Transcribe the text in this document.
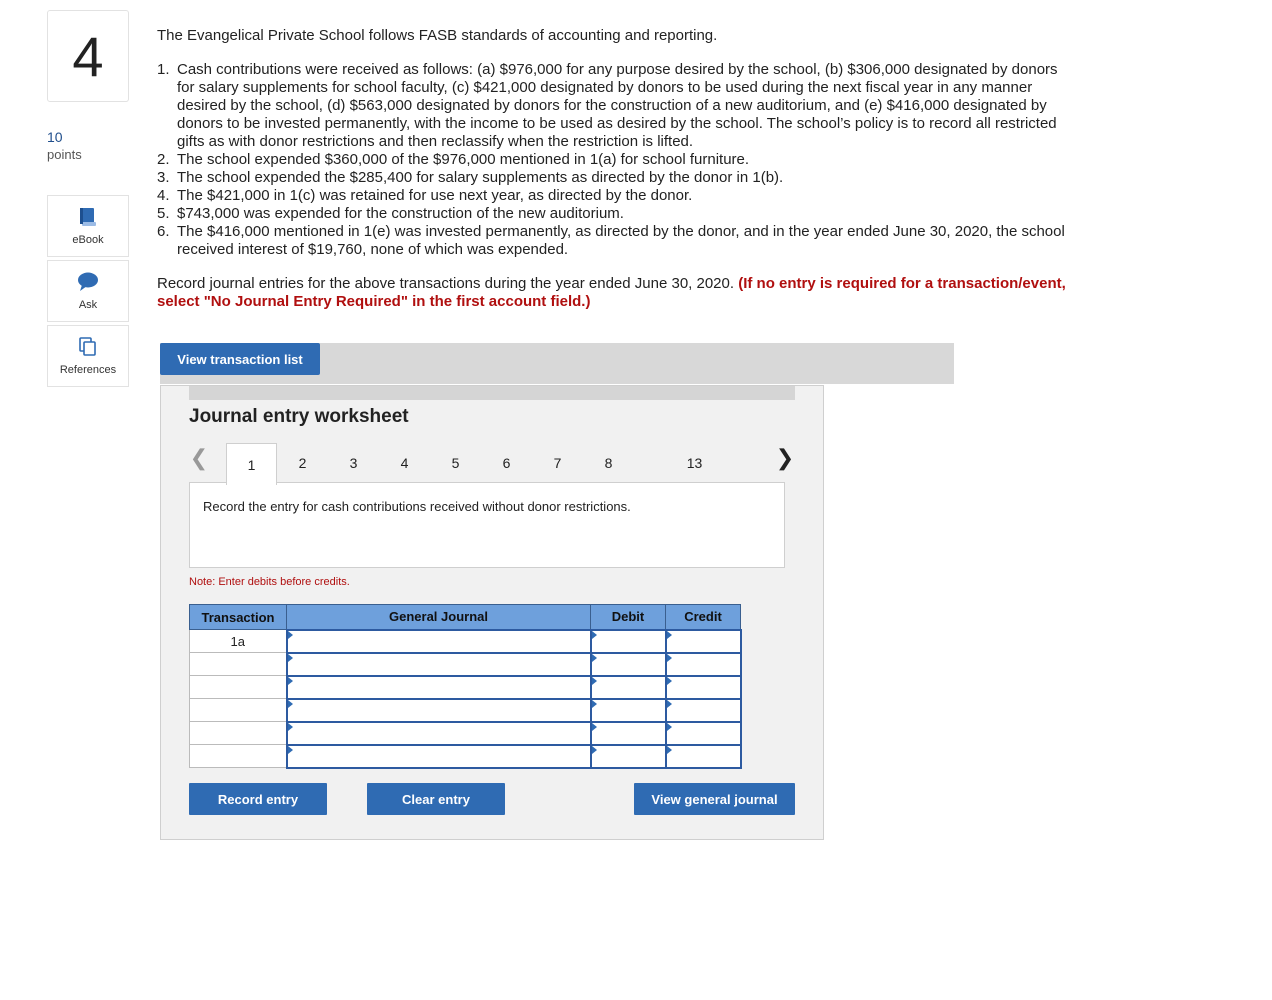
4
10
points
eBook
Ask
References

The Evangelical Private School follows FASB standards of accounting and reporting.

1. Cash contributions were received as follows: (a) $976,000 for any purpose desired by the school, (b) $306,000 designated by donors for salary supplements for school faculty, (c) $421,000 designated by donors to be used during the next fiscal year in any manner desired by the school, (d) $563,000 designated by donors for the construction of a new auditorium, and (e) $416,000 designated by donors to be invested permanently, with the income to be used as desired by the school. The school’s policy is to record all restricted gifts as with donor restrictions and then reclassify when the restriction is lifted.
2. The school expended $360,000 of the $976,000 mentioned in 1(a) for school furniture.
3. The school expended the $285,400 for salary supplements as directed by the donor in 1(b).
4. The $421,000 in 1(c) was retained for use next year, as directed by the donor.
5. $743,000 was expended for the construction of the new auditorium.
6. The $416,000 mentioned in 1(e) was invested permanently, as directed by the donor, and in the year ended June 30, 2020, the school received interest of $19,760, none of which was expended.

Record journal entries for the above transactions during the year ended June 30, 2020. (If no entry is required for a transaction/event, select "No Journal Entry Required" in the first account field.)

View transaction list
Journal entry worksheet
❮	1	2	3	4	5	6	7	8	13	❯
Record the entry for cash contributions received without donor restrictions.
Note: Enter debits before credits.
Transaction	General Journal	Debit	Credit
1a			

Record entry	Clear entry	View general journal
